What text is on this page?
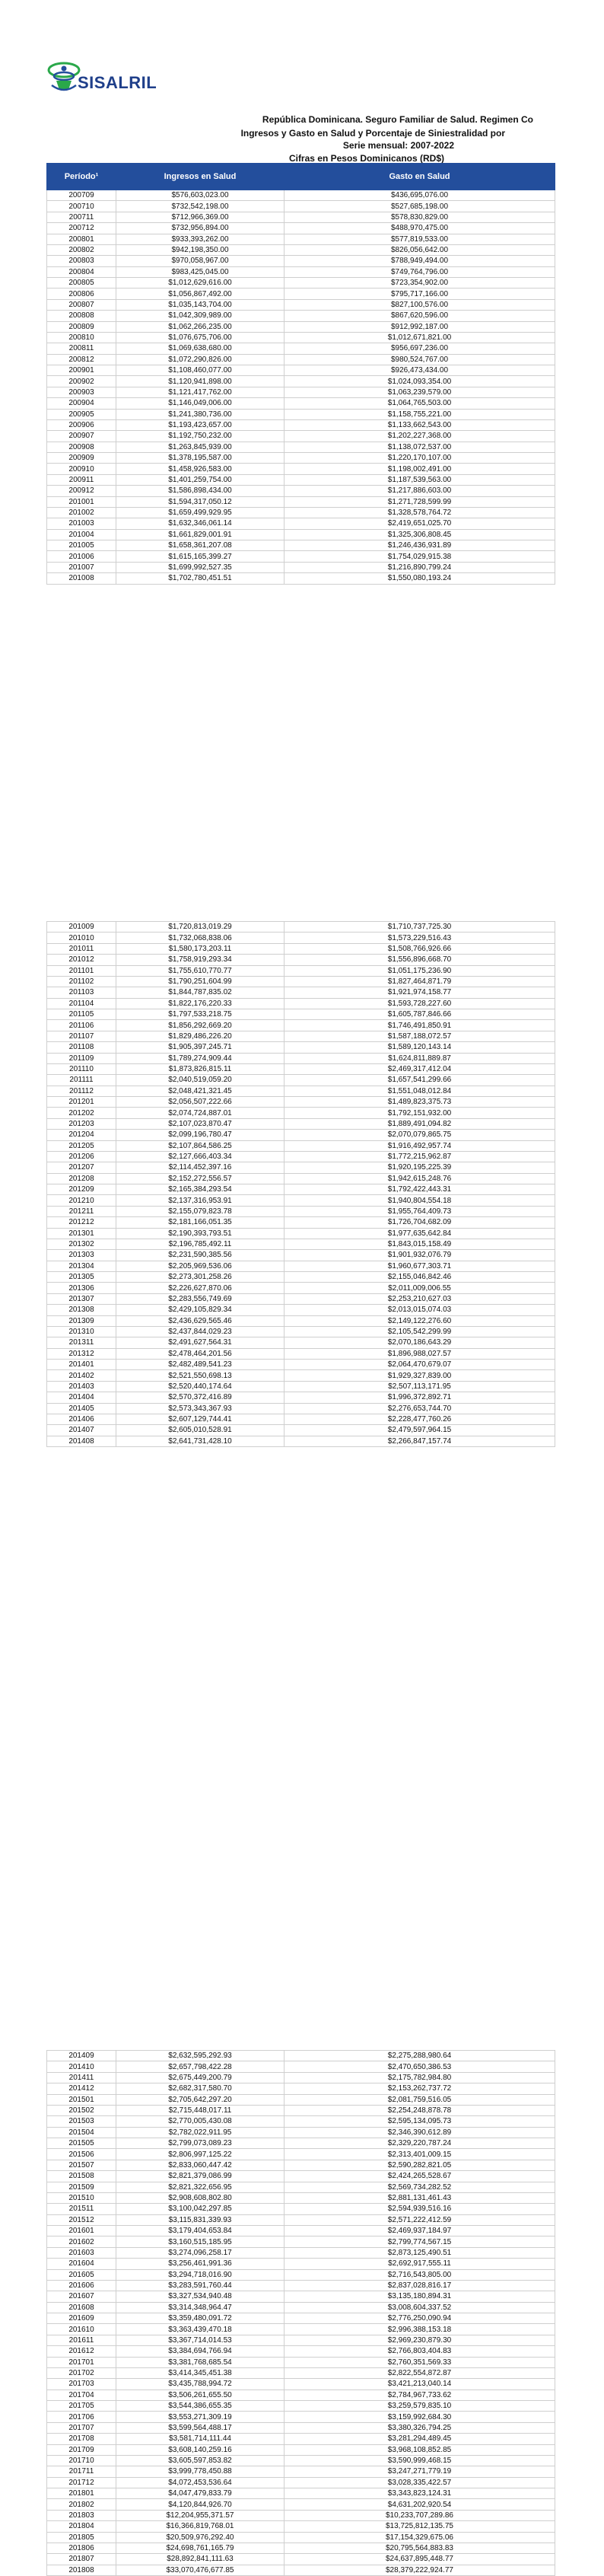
SISALRIL
República Dominicana. Seguro Familiar de Salud. Regimen Co
Ingresos y Gasto en Salud y Porcentaje de Siniestralidad por
Serie mensual: 2007-2022
Cifras en Pesos Dominicanos (RD$)
Período¹	Ingresos en Salud	Gasto en Salud
200709	$576,603,023.00	$436,695,076.00
200710	$732,542,198.00	$527,685,198.00
200711	$712,966,369.00	$578,830,829.00
200712	$732,956,894.00	$488,970,475.00
200801	$933,393,262.00	$577,819,533.00
200802	$942,198,350.00	$826,056,642.00
200803	$970,058,967.00	$788,949,494.00
200804	$983,425,045.00	$749,764,796.00
200805	$1,012,629,616.00	$723,354,902.00
200806	$1,056,867,492.00	$795,717,166.00
200807	$1,035,143,704.00	$827,100,576.00
200808	$1,042,309,989.00	$867,620,596.00
200809	$1,062,266,235.00	$912,992,187.00
200810	$1,076,675,706.00	$1,012,671,821.00
200811	$1,069,638,680.00	$956,697,236.00
200812	$1,072,290,826.00	$980,524,767.00
200901	$1,108,460,077.00	$926,473,434.00
200902	$1,120,941,898.00	$1,024,093,354.00
200903	$1,121,417,762.00	$1,063,239,579.00
200904	$1,146,049,006.00	$1,064,765,503.00
200905	$1,241,380,736.00	$1,158,755,221.00
200906	$1,193,423,657.00	$1,133,662,543.00
200907	$1,192,750,232.00	$1,202,227,368.00
200908	$1,263,845,939.00	$1,138,072,537.00
200909	$1,378,195,587.00	$1,220,170,107.00
200910	$1,458,926,583.00	$1,198,002,491.00
200911	$1,401,259,754.00	$1,187,539,563.00
200912	$1,586,898,434.00	$1,217,886,603.00
201001	$1,594,317,050.12	$1,271,728,599.99
201002	$1,659,499,929.95	$1,328,578,764.72
201003	$1,632,346,061.14	$2,419,651,025.70
201004	$1,661,829,001.91	$1,325,306,808.45
201005	$1,658,361,207.08	$1,246,436,931.89
201006	$1,615,165,399.27	$1,754,029,915.38
201007	$1,699,992,527.35	$1,216,890,799.24
201008	$1,702,780,451.51	$1,550,080,193.24
201009	$1,720,813,019.29	$1,710,737,725.30
201010	$1,732,068,838.06	$1,573,229,516.43
201011	$1,580,173,203.11	$1,508,766,926.66
201012	$1,758,919,293.34	$1,556,896,668.70
201101	$1,755,610,770.77	$1,051,175,236.90
201102	$1,790,251,604.99	$1,827,464,871.79
201103	$1,844,787,835.02	$1,921,974,158.77
201104	$1,822,176,220.33	$1,593,728,227.60
201105	$1,797,533,218.75	$1,605,787,846.66
201106	$1,856,292,669.20	$1,746,491,850.91
201107	$1,829,486,226.20	$1,587,188,072.57
201108	$1,905,397,245.71	$1,589,120,143.14
201109	$1,789,274,909.44	$1,624,811,889.87
201110	$1,873,826,815.11	$2,469,317,412.04
201111	$2,040,519,059.20	$1,657,541,299.66
201112	$2,048,421,321.45	$1,551,048,012.84
201201	$2,056,507,222.66	$1,489,823,375.73
201202	$2,074,724,887.01	$1,792,151,932.00
201203	$2,107,023,870.47	$1,889,491,094.82
201204	$2,099,196,780.47	$2,070,079,865.75
201205	$2,107,864,586.25	$1,916,492,957.74
201206	$2,127,666,403.34	$1,772,215,962.87
201207	$2,114,452,397.16	$1,920,195,225.39
201208	$2,152,272,556.57	$1,942,615,248.76
201209	$2,165,384,293.54	$1,792,422,443.31
201210	$2,137,316,953.91	$1,940,804,554.18
201211	$2,155,079,823.78	$1,955,764,409.73
201212	$2,181,166,051.35	$1,726,704,682.09
201301	$2,190,393,793.51	$1,977,635,642.84
201302	$2,196,785,492.11	$1,843,015,158.49
201303	$2,231,590,385.56	$1,901,932,076.79
201304	$2,205,969,536.06	$1,960,677,303.71
201305	$2,273,301,258.26	$2,155,046,842.46
201306	$2,226,627,870.06	$2,011,009,006.55
201307	$2,283,556,749.69	$2,253,210,627.03
201308	$2,429,105,829.34	$2,013,015,074.03
201309	$2,436,629,565.46	$2,149,122,276.60
201310	$2,437,844,029.23	$2,105,542,299.99
201311	$2,491,627,564.31	$2,070,186,643.29
201312	$2,478,464,201.56	$1,896,988,027.57
201401	$2,482,489,541.23	$2,064,470,679.07
201402	$2,521,550,698.13	$1,929,327,839.00
201403	$2,520,440,174.64	$2,507,113,171.95
201404	$2,570,372,416.89	$1,996,372,892.71
201405	$2,573,343,367.93	$2,276,653,744.70
201406	$2,607,129,744.41	$2,228,477,760.26
201407	$2,605,010,528.91	$2,479,597,964.15
201408	$2,641,731,428.10	$2,266,847,157.74
201409	$2,632,595,292.93	$2,275,288,980.64
201410	$2,657,798,422.28	$2,470,650,386.53
201411	$2,675,449,200.79	$2,175,782,984.80
201412	$2,682,317,580.70	$2,153,262,737.72
201501	$2,705,642,297.20	$2,081,759,516.05
201502	$2,715,448,017.11	$2,254,248,878.78
201503	$2,770,005,430.08	$2,595,134,095.73
201504	$2,782,022,911.95	$2,346,390,612.89
201505	$2,799,073,089.23	$2,329,220,787.24
201506	$2,806,997,125.22	$2,313,401,009.15
201507	$2,833,060,447.42	$2,590,282,821.05
201508	$2,821,379,086.99	$2,424,265,528.67
201509	$2,821,322,656.95	$2,569,734,282.52
201510	$2,908,608,802.80	$2,881,131,461.43
201511	$3,100,042,297.85	$2,594,939,516.16
201512	$3,115,831,339.93	$2,571,222,412.59
201601	$3,179,404,653.84	$2,469,937,184.97
201602	$3,160,515,185.95	$2,799,774,567.15
201603	$3,274,096,258.17	$2,873,125,490.51
201604	$3,256,461,991.36	$2,692,917,555.11
201605	$3,294,718,016.90	$2,716,543,805.00
201606	$3,283,591,760.44	$2,837,028,816.17
201607	$3,327,534,940.48	$3,135,180,894.31
201608	$3,314,348,964.47	$3,008,604,337.52
201609	$3,359,480,091.72	$2,776,250,090.94
201610	$3,363,439,470.18	$2,996,388,153.18
201611	$3,367,714,014.53	$2,969,230,879.30
201612	$3,384,694,766.94	$2,766,803,404.83
201701	$3,381,768,685.54	$2,760,351,569.33
201702	$3,414,345,451.38	$2,822,554,872.87
201703	$3,435,788,994.72	$3,421,213,040.14
201704	$3,506,261,655.50	$2,784,967,733.62
201705	$3,544,386,655.35	$3,259,579,835.10
201706	$3,553,271,309.19	$3,159,992,684.30
201707	$3,599,564,488.17	$3,380,326,794.25
201708	$3,581,714,111.44	$3,281,294,489.45
201709	$3,608,140,259.16	$3,968,108,852.85
201710	$3,605,597,853.82	$3,590,999,468.15
201711	$3,999,778,450.88	$3,247,271,779.19
201712	$4,072,453,536.64	$3,028,335,422.57
201801	$4,047,479,833.79	$3,343,823,124.31
201802	$4,120,844,926.70	$4,631,202,920.54
201803	$12,204,955,371.57	$10,233,707,289.86
201804	$16,366,819,768.01	$13,725,812,135.75
201805	$20,509,976,292.40	$17,154,329,675.06
201806	$24,698,761,165.79	$20,795,564,883.83
201807	$28,892,841,111.63	$24,637,895,448.77
201808	$33,070,476,677.85	$28,379,222,924.77
